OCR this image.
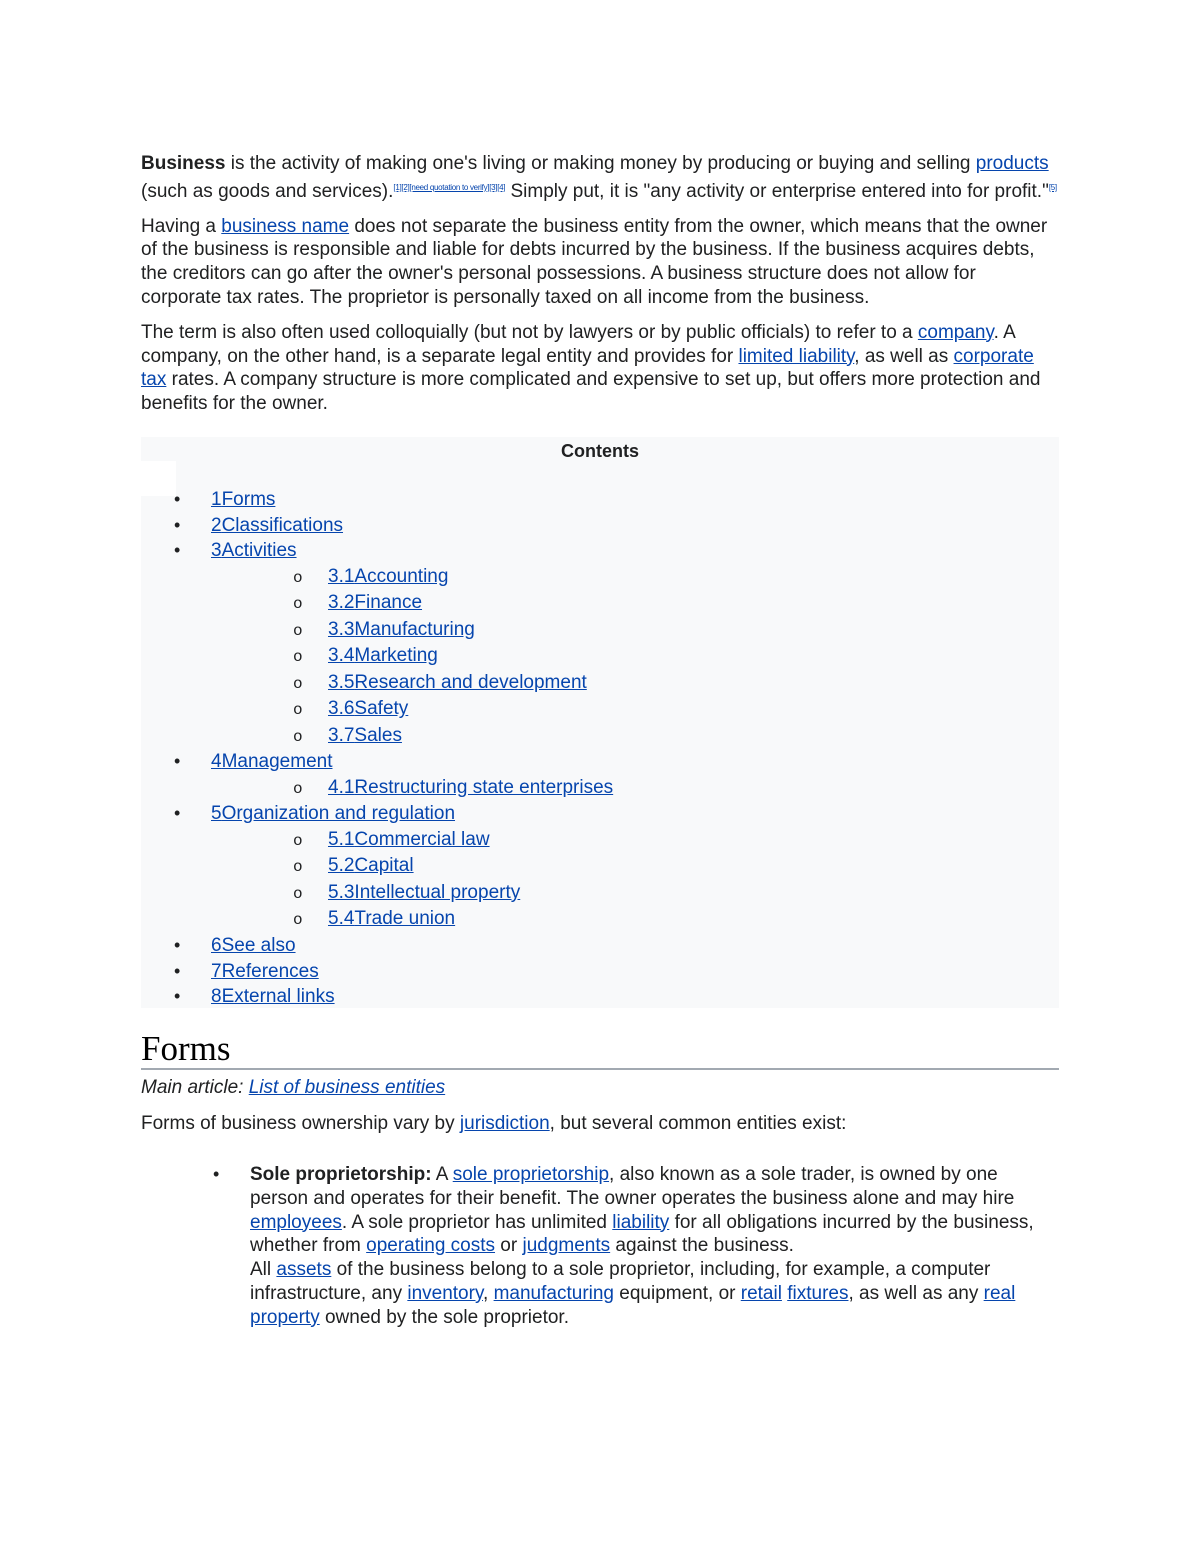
Business is the activity of making one's living or making money by producing or buying and selling products (such as goods and services).[1][2][need quotation to verify][3][4] Simply put, it is "any activity or enterprise entered into for profit."[5]

Having a business name does not separate the business entity from the owner, which means that the owner of the business is responsible and liable for debts incurred by the business. If the business acquires debts, the creditors can go after the owner's personal possessions. A business structure does not allow for corporate tax rates. The proprietor is personally taxed on all income from the business.

The term is also often used colloquially (but not by lawyers or by public officials) to refer to a company. A company, on the other hand, is a separate legal entity and provides for limited liability, as well as corporate tax rates. A company structure is more complicated and expensive to set up, but offers more protection and benefits for the owner.

Contents
• 1Forms
• 2Classifications
• 3Activities
o 3.1Accounting
o 3.2Finance
o 3.3Manufacturing
o 3.4Marketing
o 3.5Research and development
o 3.6Safety
o 3.7Sales
• 4Management
o 4.1Restructuring state enterprises
• 5Organization and regulation
o 5.1Commercial law
o 5.2Capital
o 5.3Intellectual property
o 5.4Trade union
• 6See also
• 7References
• 8External links
Forms
Main article: List of business entities

Forms of business ownership vary by jurisdiction, but several common entities exist:

• Sole proprietorship: A sole proprietorship, also known as a sole trader, is owned by one person and operates for their benefit. The owner operates the business alone and may hire employees. A sole proprietor has unlimited liability for all obligations incurred by the business, whether from operating costs or judgments against the business.
All assets of the business belong to a sole proprietor, including, for example, a computer infrastructure, any inventory, manufacturing equipment, or retail fixtures, as well as any real property owned by the sole proprietor.
